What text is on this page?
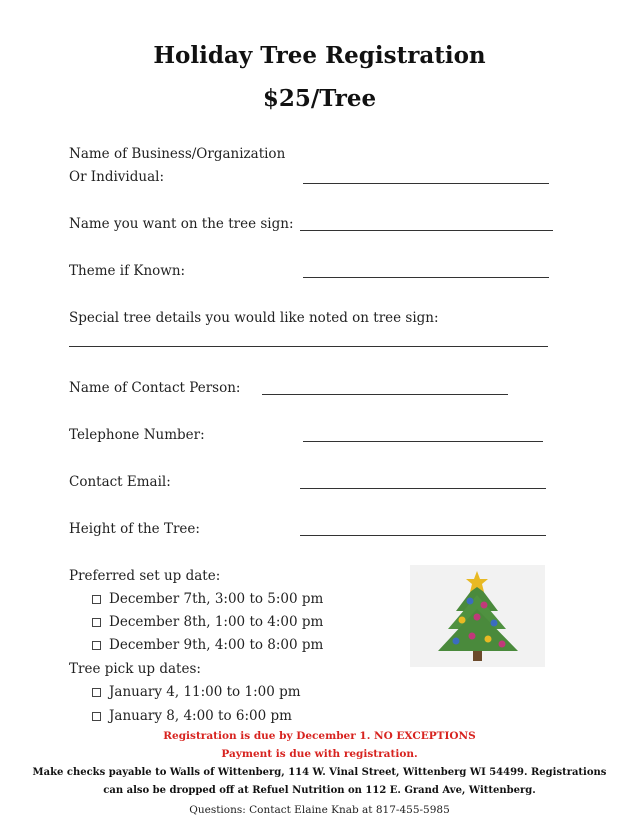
Holiday Tree Registration
$25/Tree
Name of Business/Organization
Or Individual:
Name you want on the tree sign:
Theme if Known:
Special tree details you would like noted on tree sign:
Name of Contact Person:
Telephone Number:
Contact Email:
Height of the Tree:
Preferred set up date:
December 7th, 3:00 to 5:00 pm
December 8th, 1:00 to 4:00 pm
December 9th, 4:00 to 8:00 pm
Tree pick up dates:
January 4, 11:00 to 1:00 pm
January 8, 4:00 to 6:00 pm
Registration is due by December 1. NO EXCEPTIONS
Payment is due with registration.
Make checks payable to Walls of Wittenberg, 114 W. Vinal Street, Wittenberg WI 54499. Registrations
can also be dropped off at Refuel Nutrition on 112 E. Grand Ave, Wittenberg.
Questions: Contact Elaine Knab at 817-455-5985
